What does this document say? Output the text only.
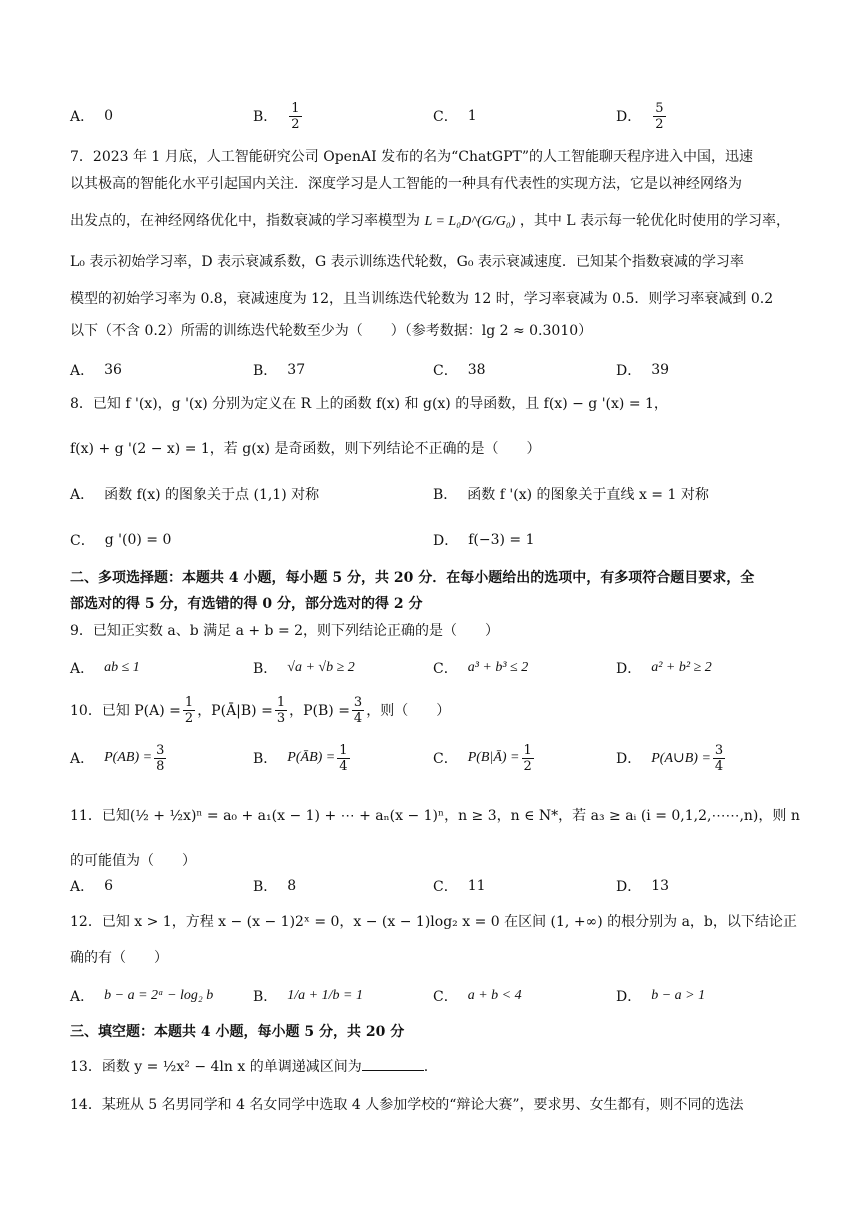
A． 0	B． $\frac{1}{2}$	C． 1	D． $\frac{5}{2}$
7．2023 年 1 月底，人工智能研究公司 OpenAI 发布的名为“ChatGPT”的人工智能聊天程序进入中国，迅速
以其极高的智能化水平引起国内关注．深度学习是人工智能的一种具有代表性的实现方法，它是以神经网络为
出发点的，在神经网络优化中，指数衰减的学习率模型为 L = L₀D^(G/G₀) ，其中 L 表示每一轮优化时使用的学习率，
L₀ 表示初始学习率，D 表示衰减系数，G 表示训练迭代轮数，G₀ 表示衰减速度．已知某个指数衰减的学习率
模型的初始学习率为 0.8，衰减速度为 12，且当训练迭代轮数为 12 时，学习率衰减为 0.5．则学习率衰减到 0.2
以下（不含 0.2）所需的训练迭代轮数至少为（　　）（参考数据：lg 2 ≈ 0.3010）
A． 36	B． 37	C． 38	D． 39
8．已知 f '(x)，g '(x) 分别为定义在 R 上的函数 f(x) 和 g(x) 的导函数，且 f(x) − g '(x) = 1，
f(x) + g '(2 − x) = 1，若 g(x) 是奇函数，则下列结论不正确的是（　　）
A． 函数 f(x) 的图象关于点 (1,1) 对称	B． 函数 f '(x) 的图象关于直线 x = 1 对称
C． g '(0) = 0	D． f(−3) = 1
二、多项选择题：本题共 4 小题，每小题 5 分，共 20 分．在每小题给出的选项中，有多项符合题目要求，全
部选对的得 5 分，有选错的得 0 分，部分选对的得 2 分
9．已知正实数 a、b 满足 a + b = 2，则下列结论正确的是（　　）
A． ab ≤ 1	B． √a + √b ≥ 2	C． a³ + b³ ≤ 2	D． a² + b² ≥ 2
10．已知 $P(A) = \frac{1}{2}$ ，P(Ā|B) = $\frac{1}{3}$ ，$P(B) = \frac{3}{4}$ ，则（　　）
A． $P(AB) = \frac{3}{8}$	B． P(ĀB) = $\frac{1}{4}$	C． P(B|Ā) = $\frac{1}{2}$	D． P(A∪B) = $\frac{3}{4}$
11．已知(½ + ½x)ⁿ = a₀ + a₁(x − 1) + ⋯ + aₙ(x − 1)ⁿ，n ≥ 3，n ∈ N*，若 a₃ ≥ aᵢ (i = 0,1,2,⋯⋯,n)，则 n
的可能值为（　　）
A． 6	B． 8	C． 11	D． 13
12．已知 x > 1，方程 x − (x − 1)2ˣ = 0，x − (x − 1)log₂ x = 0 在区间 (1, +∞) 的根分别为 a，b，以下结论正
确的有（　　）
A． b − a = 2ᵃ − log₂ b	B． 1/a + 1/b = 1	C． a + b < 4	D． b − a > 1
三、填空题：本题共 4 小题，每小题 5 分，共 20 分
13．函数 y = ½x² − 4ln x 的单调递减区间为	.
14．某班从 5 名男同学和 4 名女同学中选取 4 人参加学校的“辩论大赛”，要求男、女生都有，则不同的选法
